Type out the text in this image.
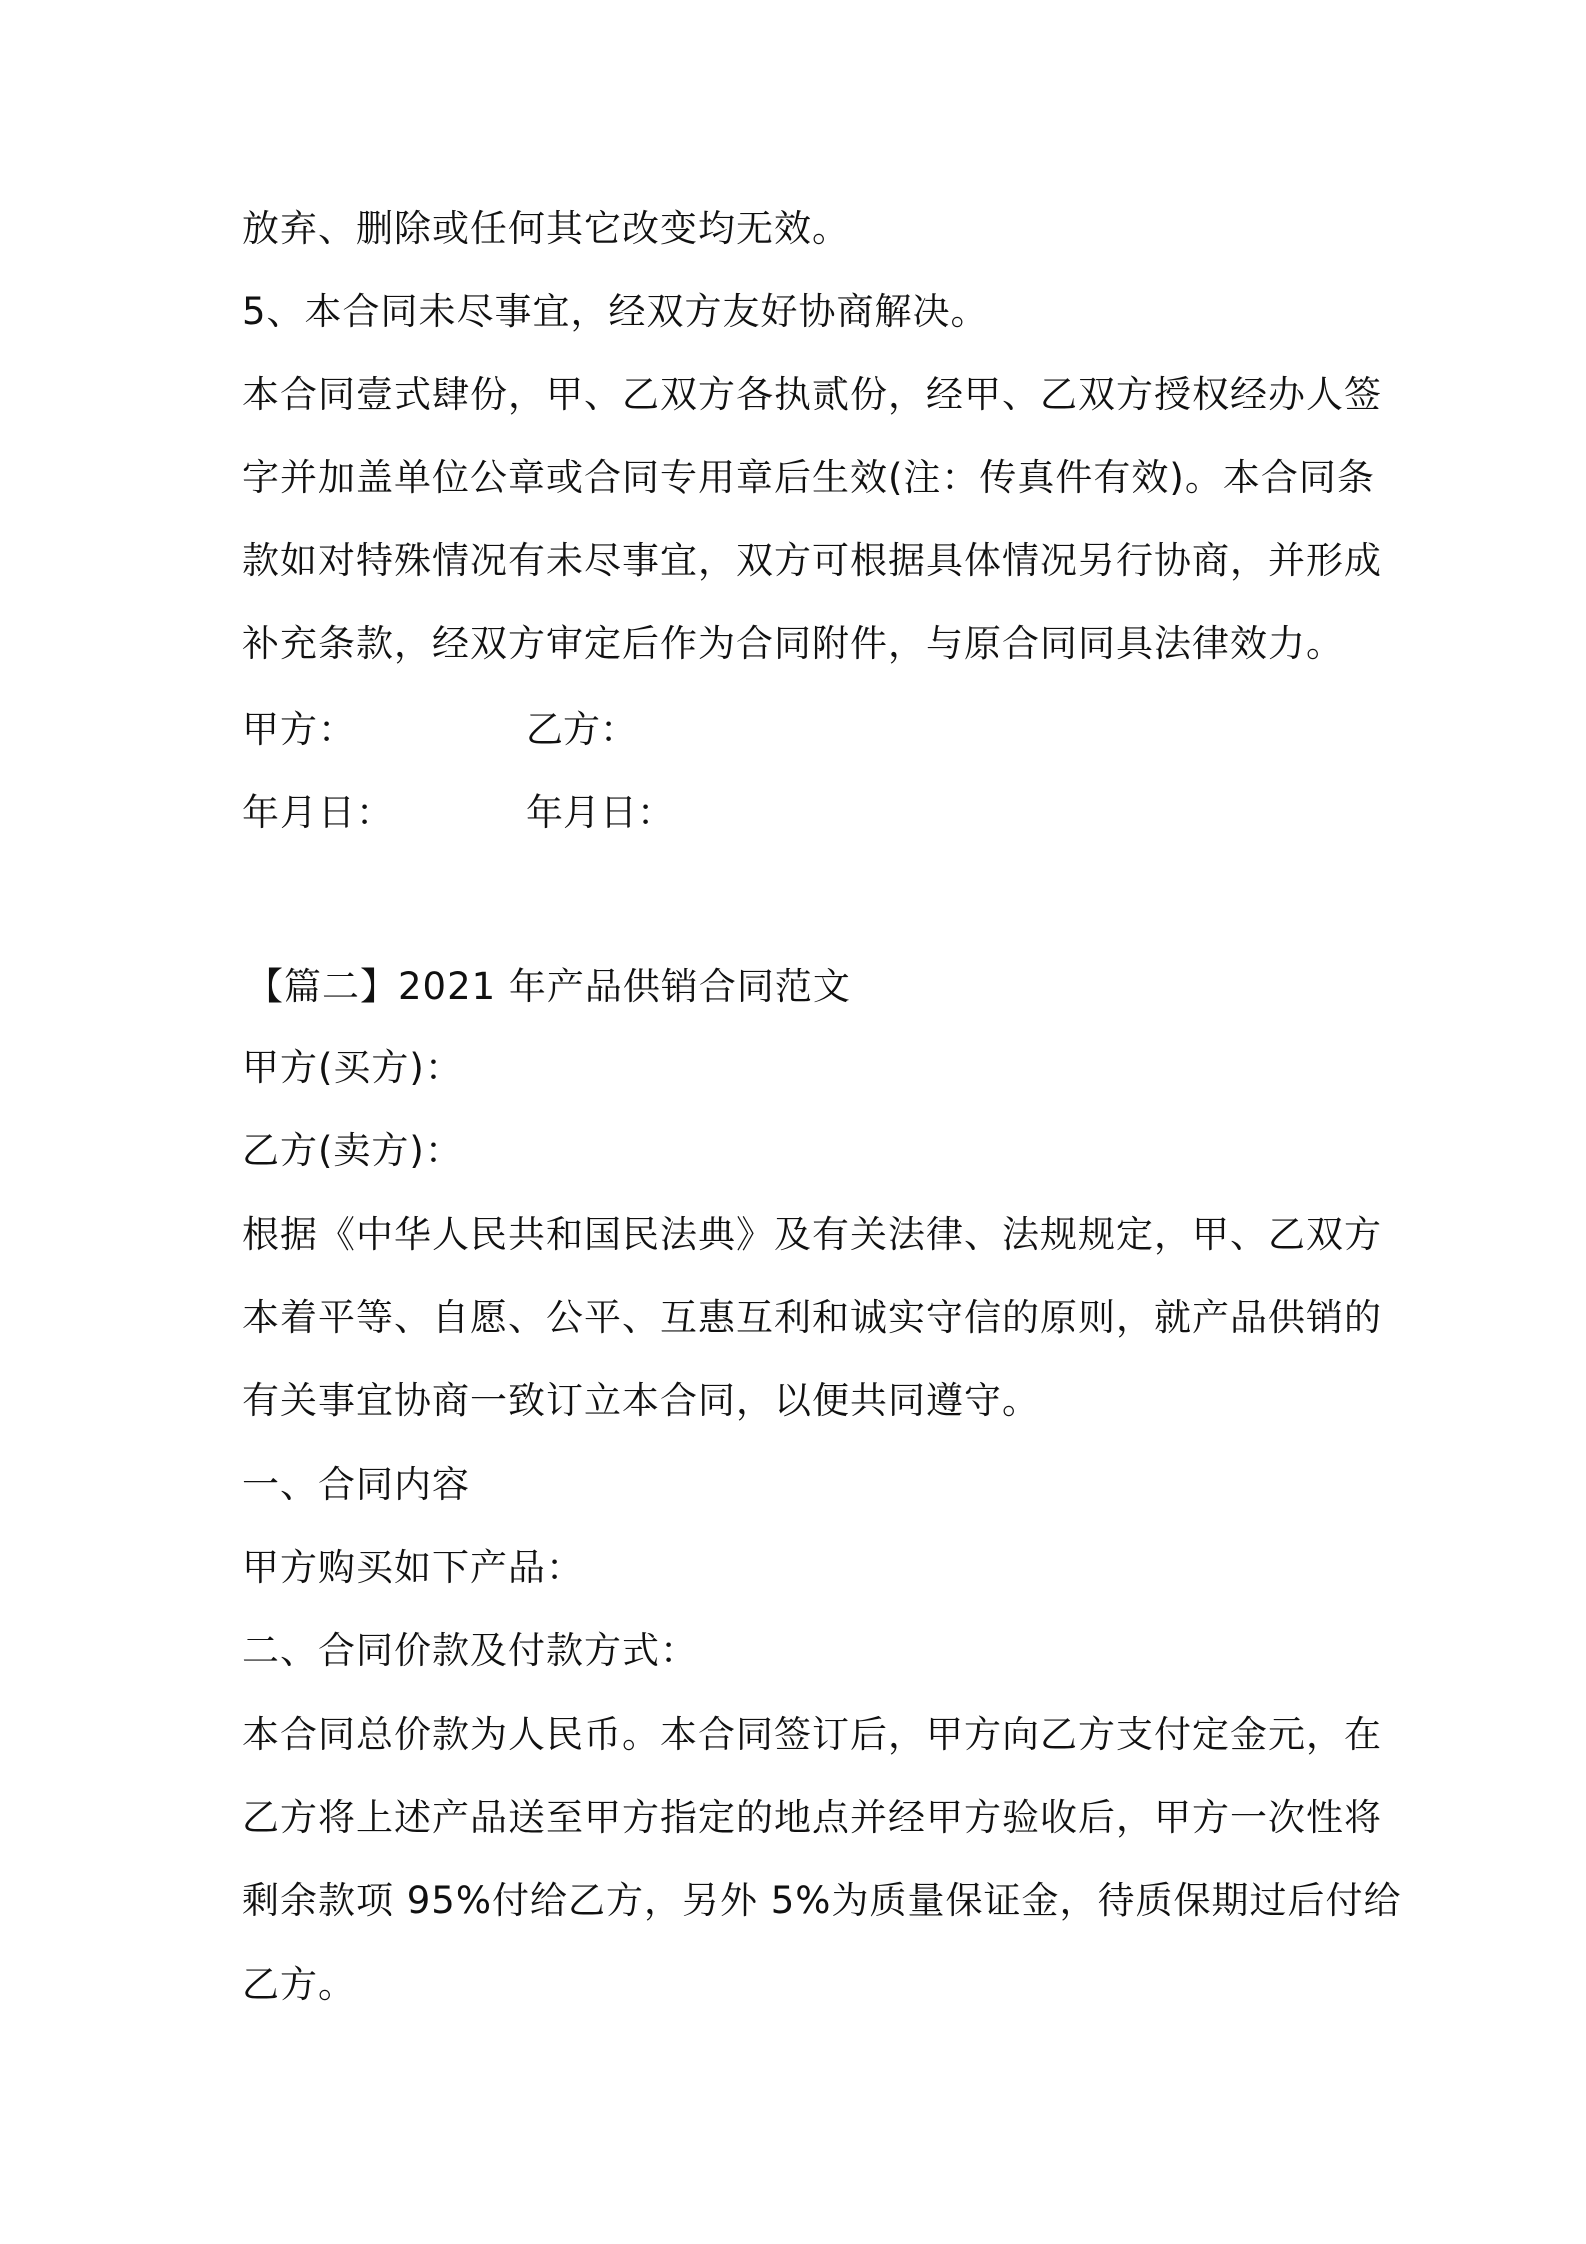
放弃、删除或任何其它改变均无效。
5、本合同未尽事宜，经双方友好协商解决。
本合同壹式肆份，甲、乙双方各执贰份，经甲、乙双方授权经办人签
字并加盖单位公章或合同专用章后生效(注：传真件有效)。本合同条
款如对特殊情况有未尽事宜，双方可根据具体情况另行协商，并形成
补充条款，经双方审定后作为合同附件，与原合同同具法律效力。
甲方：	乙方：
年月日：	年月日：
【篇二】2021 年产品供销合同范文
甲方(买方)：
乙方(卖方)：
根据《中华人民共和国民法典》及有关法律、法规规定，甲、乙双方
本着平等、自愿、公平、互惠互利和诚实守信的原则，就产品供销的
有关事宜协商一致订立本合同，以便共同遵守。
一、合同内容
甲方购买如下产品：
二、合同价款及付款方式：
本合同总价款为人民币。本合同签订后，甲方向乙方支付定金元，在
乙方将上述产品送至甲方指定的地点并经甲方验收后，甲方一次性将
剩余款项 95%付给乙方，另外 5%为质量保证金，待质保期过后付给
乙方。
